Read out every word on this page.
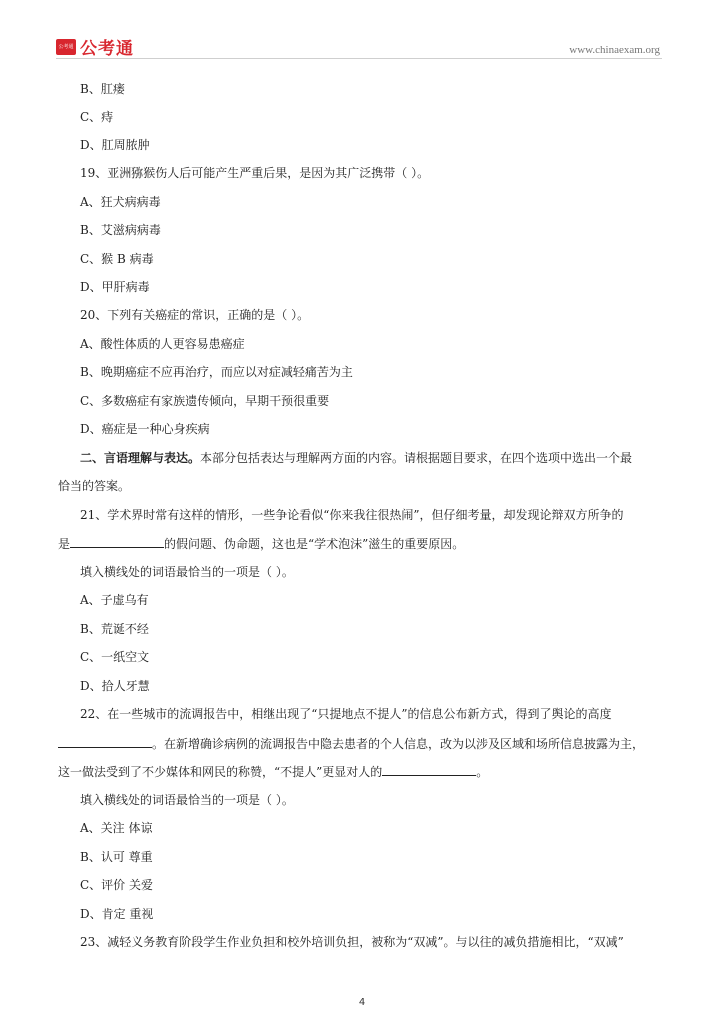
公考通 公考通	www.chinaexam.org
B、肛瘘
C、痔
D、肛周脓肿
19、亚洲猕猴伤人后可能产生严重后果，是因为其广泛携带（ ）。
A、狂犬病病毒
B、艾滋病病毒
C、猴 B 病毒
D、甲肝病毒
20、下列有关癌症的常识，正确的是（ ）。
A、酸性体质的人更容易患癌症
B、晚期癌症不应再治疗，而应以对症减轻痛苦为主
C、多数癌症有家族遗传倾向，早期干预很重要
D、癌症是一种心身疾病
二、言语理解与表达。本部分包括表达与理解两方面的内容。请根据题目要求，在四个选项中选出一个最
恰当的答案。
21、学术界时常有这样的情形，一些争论看似“你来我往很热闹”，但仔细考量，却发现论辩双方所争的
是	的假问题、伪命题，这也是“学术泡沫”滋生的重要原因。
填入横线处的词语最恰当的一项是（ ）。
A、子虚乌有
B、荒诞不经
C、一纸空文
D、拾人牙慧
22、在一些城市的流调报告中，相继出现了“只提地点不提人”的信息公布新方式，得到了舆论的高度
。在新增确诊病例的流调报告中隐去患者的个人信息，改为以涉及区域和场所信息披露为主，
这一做法受到了不少媒体和网民的称赞，“不提人”更显对人的	。
填入横线处的词语最恰当的一项是（ ）。
A、关注 体谅
B、认可 尊重
C、评价 关爱
D、肯定 重视
23、减轻义务教育阶段学生作业负担和校外培训负担，被称为“双减”。与以往的减负措施相比，“双减”
4
